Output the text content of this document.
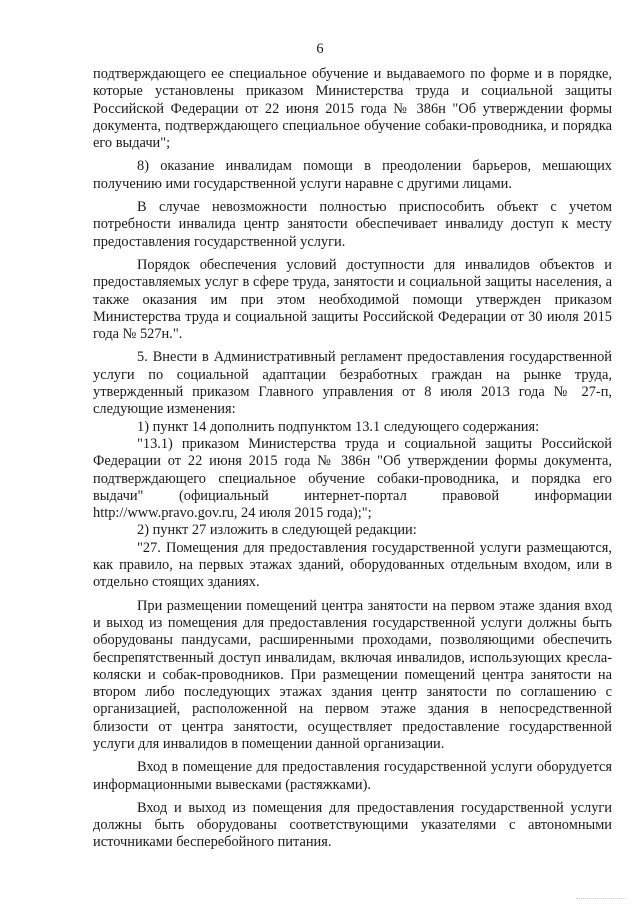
6

подтверждающего ее специальное обучение и выдаваемого по форме и в порядке, которые установлены приказом Министерства труда и социальной защиты Российской Федерации от 22 июня 2015 года № 386н "Об утверждении формы документа, подтверждающего специальное обучение собаки-проводника, и порядка его выдачи";

8) оказание инвалидам помощи в преодолении барьеров, мешающих получению ими государственной услуги наравне с другими лицами.

В случае невозможности полностью приспособить объект с учетом потребности инвалида центр занятости обеспечивает инвалиду доступ к месту предоставления государственной услуги.

Порядок обеспечения условий доступности для инвалидов объектов и предоставляемых услуг в сфере труда, занятости и социальной защиты населения, а также оказания им при этом необходимой помощи утвержден приказом Министерства труда и социальной защиты Российской Федерации от 30 июля 2015 года № 527н.".

5. Внести в Административный регламент предоставления государственной услуги по социальной адаптации безработных граждан на рынке труда, утвержденный приказом Главного управления от 8 июля 2013 года № 27-п, следующие изменения:

1) пункт 14 дополнить подпунктом 13.1 следующего содержания:

"13.1) приказом Министерства труда и социальной защиты Российской Федерации от 22 июня 2015 года № 386н "Об утверждении формы документа, подтверждающего специальное обучение собаки-проводника, и порядка его выдачи" (официальный интернет-портал правовой информации http://www.pravo.gov.ru, 24 июля 2015 года);";

2) пункт 27 изложить в следующей редакции:

"27. Помещения для предоставления государственной услуги размещаются, как правило, на первых этажах зданий, оборудованных отдельным входом, или в отдельно стоящих зданиях.

При размещении помещений центра занятости на первом этаже здания вход и выход из помещения для предоставления государственной услуги должны быть оборудованы пандусами, расширенными проходами, позволяющими обеспечить беспрепятственный доступ инвалидам, включая инвалидов, использующих кресла-коляски и собак-проводников. При размещении помещений центра занятости на втором либо последующих этажах здания центр занятости по соглашению с организацией, расположенной на первом этаже здания в непосредственной близости от центра занятости, осуществляет предоставление государственной услуги для инвалидов в помещении данной организации.

Вход в помещение для предоставления государственной услуги оборудуется информационными вывесками (растяжками).

Вход и выход из помещения для предоставления государственной услуги должны быть оборудованы соответствующими указателями с автономными источниками бесперебойного питания.
